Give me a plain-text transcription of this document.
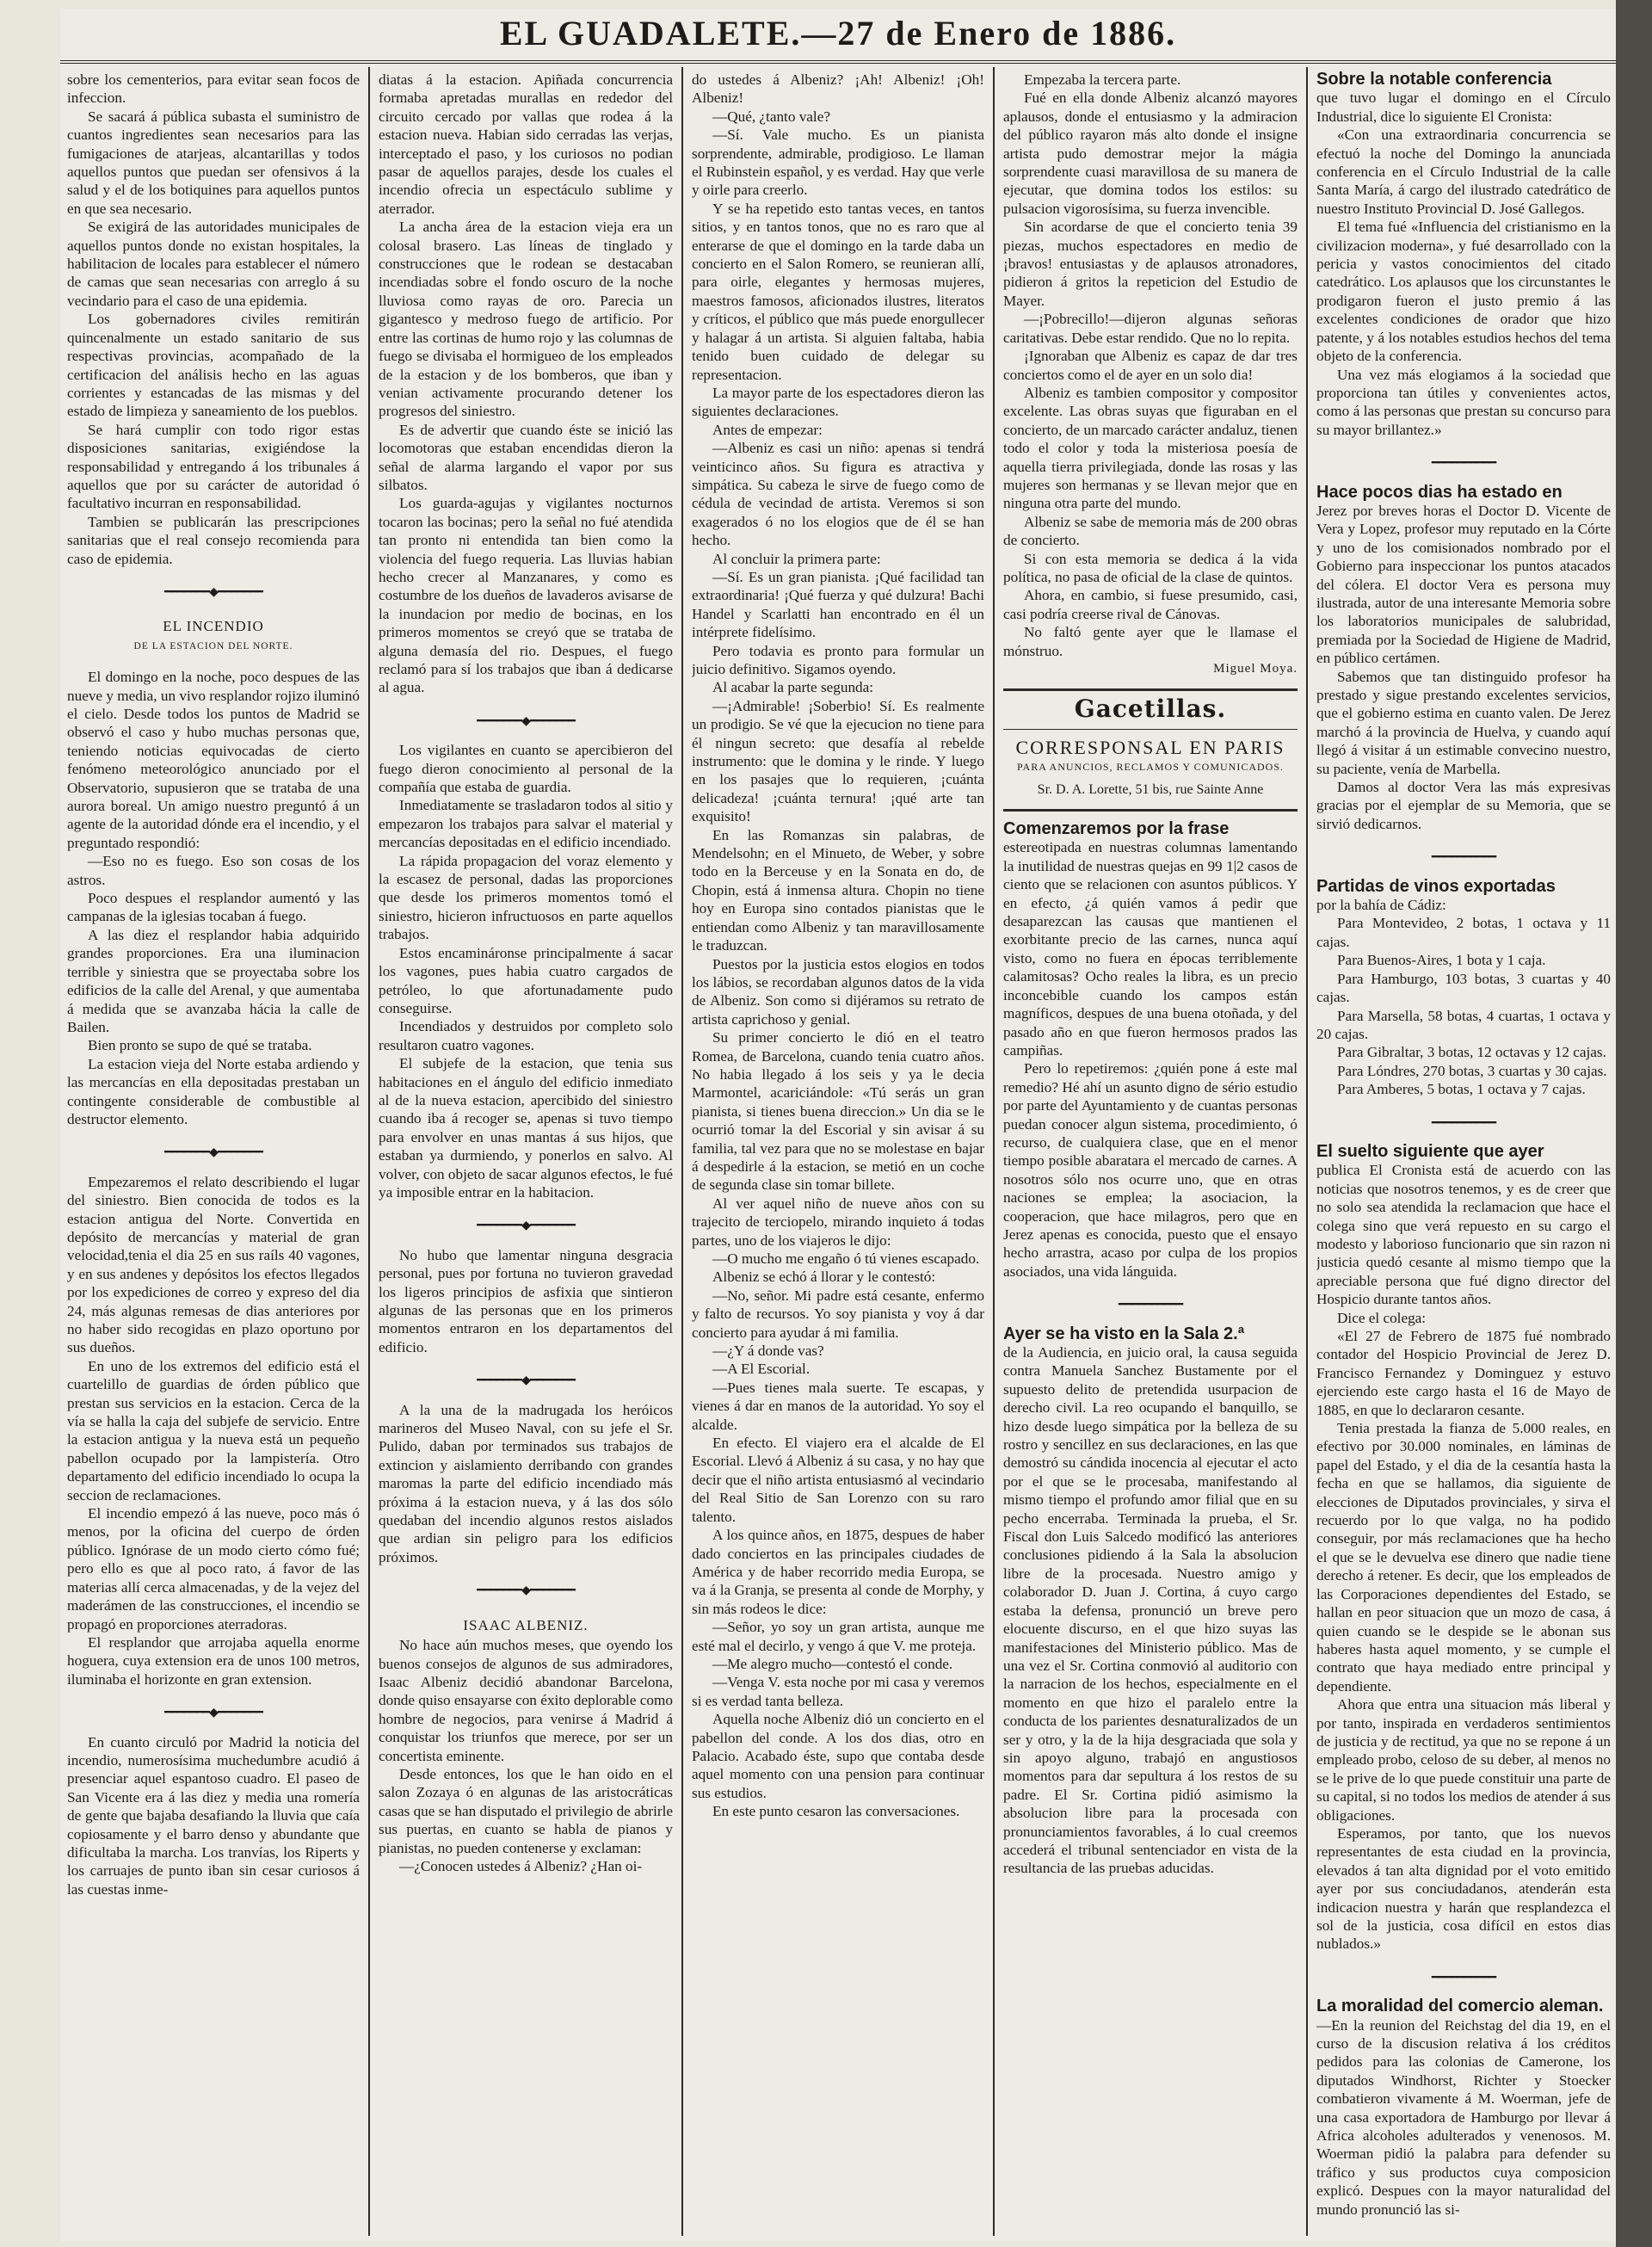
EL GUADALETE.—27 de Enero de 1886.

sobre los cementerios, para evitar sean focos de infeccion.

Se sacará á pública subasta el suministro de cuantos ingredientes sean necesarios para las fumigaciones de atarjeas, alcantarillas y todos aquellos puntos que puedan ser ofensivos á la salud y el de los botiquines para aquellos puntos en que sea necesario.

Se exigirá de las autoridades municipales de aquellos puntos donde no existan hospitales, la habilitacion de locales para establecer el número de camas que sean necesarias con arreglo á su vecindario para el caso de una epidemia.

Los gobernadores civiles remitirán quincenalmente un estado sanitario de sus respectivas provincias, acompañado de la certificacion del análisis hecho en las aguas corrientes y estancadas de las mismas y del estado de limpieza y saneamiento de los pueblos.

Se hará cumplir con todo rigor estas disposiciones sanitarias, exigiéndose la responsabilidad y entregando á los tribunales á aquellos que por su carácter de autoridad ó facultativo incurran en responsabilidad.

Tambien se publicarán las prescripciones sanitarias que el real consejo recomienda para caso de epidemia.

━━━━━━━◆━━━━━━━
EL INCENDIO
DE LA ESTACION DEL NORTE.

El domingo en la noche, poco despues de las nueve y media, un vivo resplandor rojizo iluminó el cielo. Desde todos los puntos de Madrid se observó el caso y hubo muchas personas que, teniendo noticias equivocadas de cierto fenómeno meteorológico anunciado por el Observatorio, supusieron que se trataba de una aurora boreal. Un amigo nuestro preguntó á un agente de la autoridad dónde era el incendio, y el preguntado respondió:

—Eso no es fuego. Eso son cosas de los astros.

Poco despues el resplandor aumentó y las campanas de la iglesias tocaban á fuego.

A las diez el resplandor habia adquirido grandes proporciones. Era una iluminacion terrible y siniestra que se proyectaba sobre los edificios de la calle del Arenal, y que aumentaba á medida que se avanzaba hácia la calle de Bailen.

Bien pronto se supo de qué se trataba.

La estacion vieja del Norte estaba ardiendo y las mercancías en ella depositadas prestaban un contingente considerable de combustible al destructor elemento.

━━━━━━━◆━━━━━━━

Empezaremos el relato describiendo el lugar del siniestro. Bien conocida de todos es la estacion antigua del Norte. Convertida en depósito de mercancías y material de gran velocidad,tenia el dia 25 en sus raíls 40 vagones, y en sus andenes y depósitos los efectos llegados por los expediciones de correo y expreso del dia 24, más algunas remesas de dias anteriores por no haber sido recogidas en plazo oportuno por sus dueños.

En uno de los extremos del edificio está el cuartelillo de guardias de órden público que prestan sus servicios en la estacion. Cerca de la vía se halla la caja del subjefe de servicio. Entre la estacion antigua y la nueva está un pequeño pabellon ocupado por la lampistería. Otro departamento del edificio incendiado lo ocupa la seccion de reclamaciones.

El incendio empezó á las nueve, poco más ó menos, por la oficina del cuerpo de órden público. Ignórase de un modo cierto cómo fué; pero ello es que al poco rato, á favor de las materias allí cerca almacenadas, y de la vejez del maderámen de las construcciones, el incendio se propagó en proporciones aterradoras.

El resplandor que arrojaba aquella enorme hoguera, cuya extension era de unos 100 metros, iluminaba el horizonte en gran extension.

━━━━━━━◆━━━━━━━

En cuanto circuló por Madrid la noticia del incendio, numerosísima muchedumbre acudió á presenciar aquel espantoso cuadro. El paseo de San Vicente era á las diez y media una romería de gente que bajaba desafiando la lluvia que caía copiosamente y el barro denso y abundante que dificultaba la marcha. Los tranvías, los Riperts y los carruajes de punto iban sin cesar curiosos á las cuestas inme-

diatas á la estacion. Apiñada concurrencia formaba apretadas murallas en rededor del circuito cercado por vallas que rodea á la estacion nueva. Habian sido cerradas las verjas, interceptado el paso, y los curiosos no podian pasar de aquellos parajes, desde los cuales el incendio ofrecia un espectáculo sublime y aterrador.

La ancha área de la estacion vieja era un colosal brasero. Las líneas de tinglado y construcciones que le rodean se destacaban incendiadas sobre el fondo oscuro de la noche lluviosa como rayas de oro. Parecia un gigantesco y medroso fuego de artificio. Por entre las cortinas de humo rojo y las columnas de fuego se divisaba el hormigueo de los empleados de la estacion y de los bomberos, que iban y venian activamente procurando detener los progresos del siniestro.

Es de advertir que cuando éste se inició las locomotoras que estaban encendidas dieron la señal de alarma largando el vapor por sus silbatos.

Los guarda-agujas y vigilantes nocturnos tocaron las bocinas; pero la señal no fué atendida tan pronto ni entendida tan bien como la violencia del fuego requeria. Las lluvias habian hecho crecer al Manzanares, y como es costumbre de los dueños de lavaderos avisarse de la inundacion por medio de bocinas, en los primeros momentos se creyó que se trataba de alguna demasía del rio. Despues, el fuego reclamó para sí los trabajos que iban á dedicarse al agua.

━━━━━━━◆━━━━━━━

Los vigilantes en cuanto se apercibieron del fuego dieron conocimiento al personal de la compañía que estaba de guardia.

Inmediatamente se trasladaron todos al sitio y empezaron los trabajos para salvar el material y mercancías depositadas en el edificio incendiado.

La rápida propagacion del voraz elemento y la escasez de personal, dadas las proporciones que desde los primeros momentos tomó el siniestro, hicieron infructuosos en parte aquellos trabajos.

Estos encamináronse principalmente á sacar los vagones, pues habia cuatro cargados de petróleo, lo que afortunadamente pudo conseguirse.

Incendiados y destruidos por completo solo resultaron cuatro vagones.

El subjefe de la estacion, que tenia sus habitaciones en el ángulo del edificio inmediato al de la nueva estacion, apercibido del siniestro cuando iba á recoger se, apenas si tuvo tiempo para envolver en unas mantas á sus hijos, que estaban ya durmiendo, y ponerlos en salvo. Al volver, con objeto de sacar algunos efectos, le fué ya imposible entrar en la habitacion.

━━━━━━━◆━━━━━━━

No hubo que lamentar ninguna desgracia personal, pues por fortuna no tuvieron gravedad los ligeros principios de asfixia que sintieron algunas de las personas que en los primeros momentos entraron en los departamentos del edificio.

━━━━━━━◆━━━━━━━

A la una de la madrugada los heróicos marineros del Museo Naval, con su jefe el Sr. Pulido, daban por terminados sus trabajos de extincion y aislamiento derribando con grandes maromas la parte del edificio incendiado más próxima á la estacion nueva, y á las dos sólo quedaban del incendio algunos restos aislados que ardian sin peligro para los edificios próximos.

━━━━━━━◆━━━━━━━
ISAAC ALBENIZ.

No hace aún muchos meses, que oyendo los buenos consejos de algunos de sus admiradores, Isaac Albeniz decidió abandonar Barcelona, donde quiso ensayarse con éxito deplorable como hombre de negocios, para venirse á Madrid á conquistar los triunfos que merece, por ser un concertista eminente.

Desde entonces, los que le han oido en el salon Zozaya ó en algunas de las aristocráticas casas que se han disputado el privilegio de abrirle sus puertas, en cuanto se habla de pianos y pianistas, no pueden contenerse y exclaman:

—¿Conocen ustedes á Albeniz? ¿Han oi-

do ustedes á Albeniz? ¡Ah! Albeniz! ¡Oh! Albeniz!

—Qué, ¿tanto vale?

—Sí. Vale mucho. Es un pianista sorprendente, admirable, prodigioso. Le llaman el Rubinstein español, y es verdad. Hay que verle y oirle para creerlo.

Y se ha repetido esto tantas veces, en tantos sitios, y en tantos tonos, que no es raro que al enterarse de que el domingo en la tarde daba un concierto en el Salon Romero, se reunieran allí, para oirle, elegantes y hermosas mujeres, maestros famosos, aficionados ilustres, literatos y críticos, el público que más puede enorgullecer y halagar á un artista. Si alguien faltaba, habia tenido buen cuidado de delegar su representacion.

La mayor parte de los espectadores dieron las siguientes declaraciones.

Antes de empezar:

—Albeniz es casi un niño: apenas si tendrá veinticinco años. Su figura es atractiva y simpática. Su cabeza le sirve de fuego como de cédula de vecindad de artista. Veremos si son exagerados ó no los elogios que de él se han hecho.

Al concluir la primera parte:

—Sí. Es un gran pianista. ¡Qué facilidad tan extraordinaria! ¡Qué fuerza y qué dulzura! Bachi Handel y Scarlatti han encontrado en él un intérprete fidelísimo.

Pero todavia es pronto para formular un juicio definitivo. Sigamos oyendo.

Al acabar la parte segunda:

—¡Admirable! ¡Soberbio! Sí. Es realmente un prodigio. Se vé que la ejecucion no tiene para él ningun secreto: que desafía al rebelde instrumento: que le domina y le rinde. Y luego en los pasajes que lo requieren, ¡cuánta delicadeza! ¡cuánta ternura! ¡qué arte tan exquisito!

En las Romanzas sin palabras, de Mendelsohn; en el Minueto, de Weber, y sobre todo en la Berceuse y en la Sonata en do, de Chopin, está á inmensa altura. Chopin no tiene hoy en Europa sino contados pianistas que le entiendan como Albeniz y tan maravillosamente le traduzcan.

Puestos por la justicia estos elogios en todos los lábios, se recordaban algunos datos de la vida de Albeniz. Son como si dijéramos su retrato de artista caprichoso y genial.

Su primer concierto le dió en el teatro Romea, de Barcelona, cuando tenia cuatro años. No habia llegado á los seis y ya le decia Marmontel, acariciándole: «Tú serás un gran pianista, si tienes buena direccion.» Un dia se le ocurrió tomar la del Escorial y sin avisar á su familia, tal vez para que no se molestase en bajar á despedirle á la estacion, se metió en un coche de segunda clase sin tomar billete.

Al ver aquel niño de nueve años con su trajecito de terciopelo, mirando inquieto á todas partes, uno de los viajeros le dijo:

—O mucho me engaño ó tú vienes escapado.

Albeniz se echó á llorar y le contestó:

—No, señor. Mi padre está cesante, enfermo y falto de recursos. Yo soy pianista y voy á dar concierto para ayudar á mi familia.

—¿Y á donde vas?

—A El Escorial.

—Pues tienes mala suerte. Te escapas, y vienes á dar en manos de la autoridad. Yo soy el alcalde.

En efecto. El viajero era el alcalde de El Escorial. Llevó á Albeniz á su casa, y no hay que decir que el niño artista entusiasmó al vecindario del Real Sitio de San Lorenzo con su raro talento.

A los quince años, en 1875, despues de haber dado conciertos en las principales ciudades de América y de haber recorrido media Europa, se va á la Granja, se presenta al conde de Morphy, y sin más rodeos le dice:

—Señor, yo soy un gran artista, aunque me esté mal el decirlo, y vengo á que V. me proteja.

—Me alegro mucho—contestó el conde.

—Venga V. esta noche por mi casa y veremos si es verdad tanta belleza.

Aquella noche Albeniz dió un concierto en el pabellon del conde. A los dos dias, otro en Palacio. Acabado éste, supo que contaba desde aquel momento con una pension para continuar sus estudios.

En este punto cesaron las conversaciones.

Empezaba la tercera parte.

Fué en ella donde Albeniz alcanzó mayores aplausos, donde el entusiasmo y la admiracion del público rayaron más alto donde el insigne artista pudo demostrar mejor la mágia sorprendente cuasi maravillosa de su manera de ejecutar, que domina todos los estilos: su pulsacion vigorosísima, su fuerza invencible.

Sin acordarse de que el concierto tenia 39 piezas, muchos espectadores en medio de ¡bravos! entusiastas y de aplausos atronadores, pidieron á gritos la repeticion del Estudio de Mayer.

—¡Pobrecillo!—dijeron algunas señoras caritativas. Debe estar rendido. Que no lo repita.

¡Ignoraban que Albeniz es capaz de dar tres conciertos como el de ayer en un solo dia!

Albeniz es tambien compositor y compositor excelente. Las obras suyas que figuraban en el concierto, de un marcado carácter andaluz, tienen todo el color y toda la misteriosa poesía de aquella tierra privilegiada, donde las rosas y las mujeres son hermanas y se llevan mejor que en ninguna otra parte del mundo.

Albeniz se sabe de memoria más de 200 obras de concierto.

Si con esta memoria se dedica á la vida política, no pasa de oficial de la clase de quintos.

Ahora, en cambio, si fuese presumido, casi, casi podría creerse rival de Cánovas.

No faltó gente ayer que le llamase el mónstruo.

Miguel Moya.

Gacetillas.
CORRESPONSAL EN PARIS
PARA ANUNCIOS, RECLAMOS Y COMUNICADOS.
Sr. D. A. Lorette, 51 bis, rue Sainte Anne

Comenzaremos por la frase

estereotipada en nuestras columnas lamentando la inutilidad de nuestras quejas en 99 1|2 casos de ciento que se relacionen con asuntos públicos. Y en efecto, ¿á quién vamos á pedir que desaparezcan las causas que mantienen el exorbitante precio de las carnes, nunca aquí visto, como no fuera en épocas terriblemente calamitosas? Ocho reales la libra, es un precio inconcebible cuando los campos están magníficos, despues de una buena otoñada, y del pasado año en que fueron hermosos prados las campiñas.

Pero lo repetiremos: ¿quién pone á este mal remedio? Hé ahí un asunto digno de sério estudio por parte del Ayuntamiento y de cuantas personas puedan conocer algun sistema, procedimiento, ó recurso, de cualquiera clase, que en el menor tiempo posible abaratara el mercado de carnes. A nosotros sólo nos ocurre uno, que en otras naciones se emplea; la asociacion, la cooperacion, que hace milagros, pero que en Jerez apenas es conocida, puesto que el ensayo hecho arrastra, acaso por culpa de los propios asociados, una vida lánguida.

━━━━━━━━━━

Ayer se ha visto en la Sala 2.ª

de la Audiencia, en juicio oral, la causa seguida contra Manuela Sanchez Bustamente por el supuesto delito de pretendida usurpacion de derecho civil. La reo ocupando el banquillo, se hizo desde luego simpática por la belleza de su rostro y sencillez en sus declaraciones, en las que demostró su cándida inocencia al ejecutar el acto por el que se le procesaba, manifestando al mismo tiempo el profundo amor filial que en su pecho encerraba. Terminada la prueba, el Sr. Fiscal don Luis Salcedo modificó las anteriores conclusiones pidiendo á la Sala la absolucion libre de la procesada. Nuestro amigo y colaborador D. Juan J. Cortina, á cuyo cargo estaba la defensa, pronunció un breve pero elocuente discurso, en el que hizo suyas las manifestaciones del Ministerio público. Mas de una vez el Sr. Cortina conmovió al auditorio con la narracion de los hechos, especialmente en el momento en que hizo el paralelo entre la conducta de los parientes desnaturalizados de un ser y otro, y la de la hija desgraciada que sola y sin apoyo alguno, trabajó en angustiosos momentos para dar sepultura á los restos de su padre. El Sr. Cortina pidió asimismo la absolucion libre para la procesada con pronunciamientos favorables, á lo cual creemos accederá el tribunal sentenciador en vista de la resultancia de las pruebas aducidas.

Sobre la notable conferencia

que tuvo lugar el domingo en el Círculo Industrial, dice lo siguiente El Cronista:

«Con una extraordinaria concurrencia se efectuó la noche del Domingo la anunciada conferencia en el Círculo Industrial de la calle Santa María, á cargo del ilustrado catedrático de nuestro Instituto Provincial D. José Gallegos.

El tema fué «Influencia del cristianismo en la civilizacion moderna», y fué desarrollado con la pericia y vastos conocimientos del citado catedrático. Los aplausos que los circunstantes le prodigaron fueron el justo premio á las excelentes condiciones de orador que hizo patente, y á los notables estudios hechos del tema objeto de la conferencia.

Una vez más elogiamos á la sociedad que proporciona tan útiles y convenientes actos, como á las personas que prestan su concurso para su mayor brillantez.»

━━━━━━━━━━

Hace pocos dias ha estado en

Jerez por breves horas el Doctor D. Vicente de Vera y Lopez, profesor muy reputado en la Córte y uno de los comisionados nombrado por el Gobierno para inspeccionar los puntos atacados del cólera. El doctor Vera es persona muy ilustrada, autor de una interesante Memoria sobre los laboratorios municipales de salubridad, premiada por la Sociedad de Higiene de Madrid, en público certámen.

Sabemos que tan distinguido profesor ha prestado y sigue prestando excelentes servicios, que el gobierno estima en cuanto valen. De Jerez marchó á la provincia de Huelva, y cuando aquí llegó á visitar á un estimable convecino nuestro, su paciente, venía de Marbella.

Damos al doctor Vera las más expresivas gracias por el ejemplar de su Memoria, que se sirvió dedicarnos.

━━━━━━━━━━

Partidas de vinos exportadas

por la bahía de Cádiz:

Para Montevideo, 2 botas, 1 octava y 11 cajas.

Para Buenos-Aires, 1 bota y 1 caja.

Para Hamburgo, 103 botas, 3 cuartas y 40 cajas.

Para Marsella, 58 botas, 4 cuartas, 1 octava y 20 cajas.

Para Gibraltar, 3 botas, 12 octavas y 12 cajas.

Para Lóndres, 270 botas, 3 cuartas y 30 cajas.

Para Amberes, 5 botas, 1 octava y 7 cajas.

━━━━━━━━━━

El suelto siguiente que ayer

publica El Cronista está de acuerdo con las noticias que nosotros tenemos, y es de creer que no solo sea atendida la reclamacion que hace el colega sino que verá repuesto en su cargo el modesto y laborioso funcionario que sin razon ni justicia quedó cesante al mismo tiempo que la apreciable persona que fué digno director del Hospicio durante tantos años.

Dice el colega:

«El 27 de Febrero de 1875 fué nombrado contador del Hospicio Provincial de Jerez D. Francisco Fernandez y Dominguez y estuvo ejerciendo este cargo hasta el 16 de Mayo de 1885, en que lo declararon cesante.

Tenia prestada la fianza de 5.000 reales, en efectivo por 30.000 nominales, en láminas de papel del Estado, y el dia de la cesantía hasta la fecha en que se hallamos, dia siguiente de elecciones de Diputados provinciales, y sirva el recuerdo por lo que valga, no ha podido conseguir, por más reclamaciones que ha hecho el que se le devuelva ese dinero que nadie tiene derecho á retener. Es decir, que los empleados de las Corporaciones dependientes del Estado, se hallan en peor situacion que un mozo de casa, á quien cuando se le despide se le abonan sus haberes hasta aquel momento, y se cumple el contrato que haya mediado entre principal y dependiente.

Ahora que entra una situacion más liberal y por tanto, inspirada en verdaderos sentimientos de justicia y de rectitud, ya que no se repone á un empleado probo, celoso de su deber, al menos no se le prive de lo que puede constituir una parte de su capital, si no todos los medios de atender á sus obligaciones.

Esperamos, por tanto, que los nuevos representantes de esta ciudad en la provincia, elevados á tan alta dignidad por el voto emitido ayer por sus conciudadanos, atenderán esta indicacion nuestra y harán que resplandezca el sol de la justicia, cosa difícil en estos dias nublados.»

━━━━━━━━━━

La moralidad del comercio aleman.

—En la reunion del Reichstag del dia 19, en el curso de la discusion relativa á los créditos pedidos para las colonias de Camerone, los diputados Windhorst, Richter y Stoecker combatieron vivamente á M. Woerman, jefe de una casa exportadora de Hamburgo por llevar á Africa alcoholes adulterados y venenosos. M. Woerman pidió la palabra para defender su tráfico y sus productos cuya composicion explicó. Despues con la mayor naturalidad del mundo pronunció las si-
